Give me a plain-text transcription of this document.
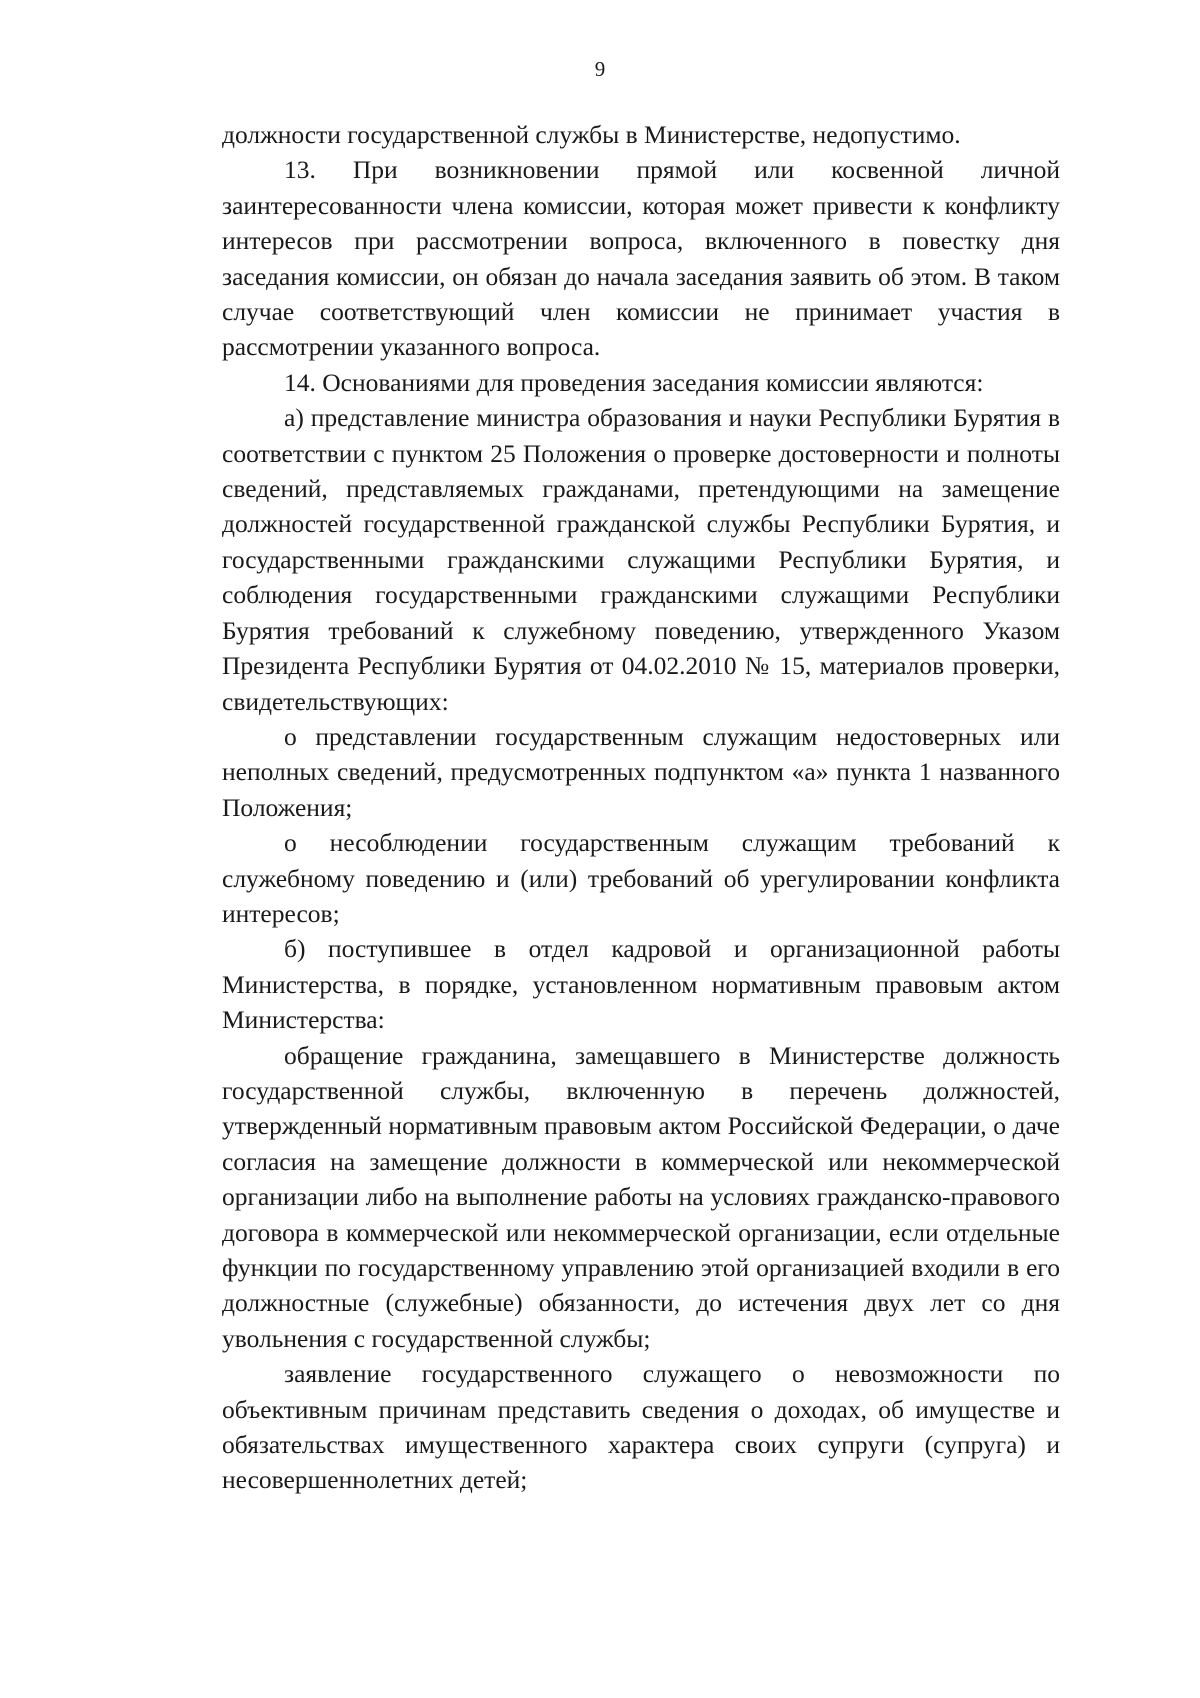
9

должности государственной службы в Министерстве, недопустимо.

13. При возникновении прямой или косвенной личной заинтересованности члена комиссии, которая может привести к конфликту интересов при рассмотрении вопроса, включенного в повестку дня заседания комиссии, он обязан до начала заседания заявить об этом. В таком случае соответствующий член комиссии не принимает участия в рассмотрении указанного вопроса.

14. Основаниями для проведения заседания комиссии являются:

а) представление министра образования и науки Республики Бурятия в соответствии с пунктом 25 Положения о проверке достоверности и полноты сведений, представляемых гражданами, претендующими на замещение должностей государственной гражданской службы Республики Бурятия, и государственными гражданскими служащими Республики Бурятия, и соблюдения государственными гражданскими служащими Республики Бурятия требований к служебному поведению, утвержденного Указом Президента Республики Бурятия от 04.02.2010 № 15, материалов проверки, свидетельствующих:

о представлении государственным служащим недостоверных или неполных сведений, предусмотренных подпунктом «а» пункта 1 названного Положения;

о несоблюдении государственным служащим требований к служебному поведению и (или) требований об урегулировании конфликта интересов;

б) поступившее в отдел кадровой и организационной работы Министерства, в порядке, установленном нормативным правовым актом Министерства:

обращение гражданина, замещавшего в Министерстве должность государственной службы, включенную в перечень должностей, утвержденный нормативным правовым актом Российской Федерации, о даче согласия на замещение должности в коммерческой или некоммерческой организации либо на выполнение работы на условиях гражданско-правового договора в коммерческой или некоммерческой организации, если отдельные функции по государственному управлению этой организацией входили в его должностные (служебные) обязанности, до истечения двух лет со дня увольнения с государственной службы;

заявление государственного служащего о невозможности по объективным причинам представить сведения о доходах, об имуществе и обязательствах имущественного характера своих супруги (супруга) и несовершеннолетних детей;
